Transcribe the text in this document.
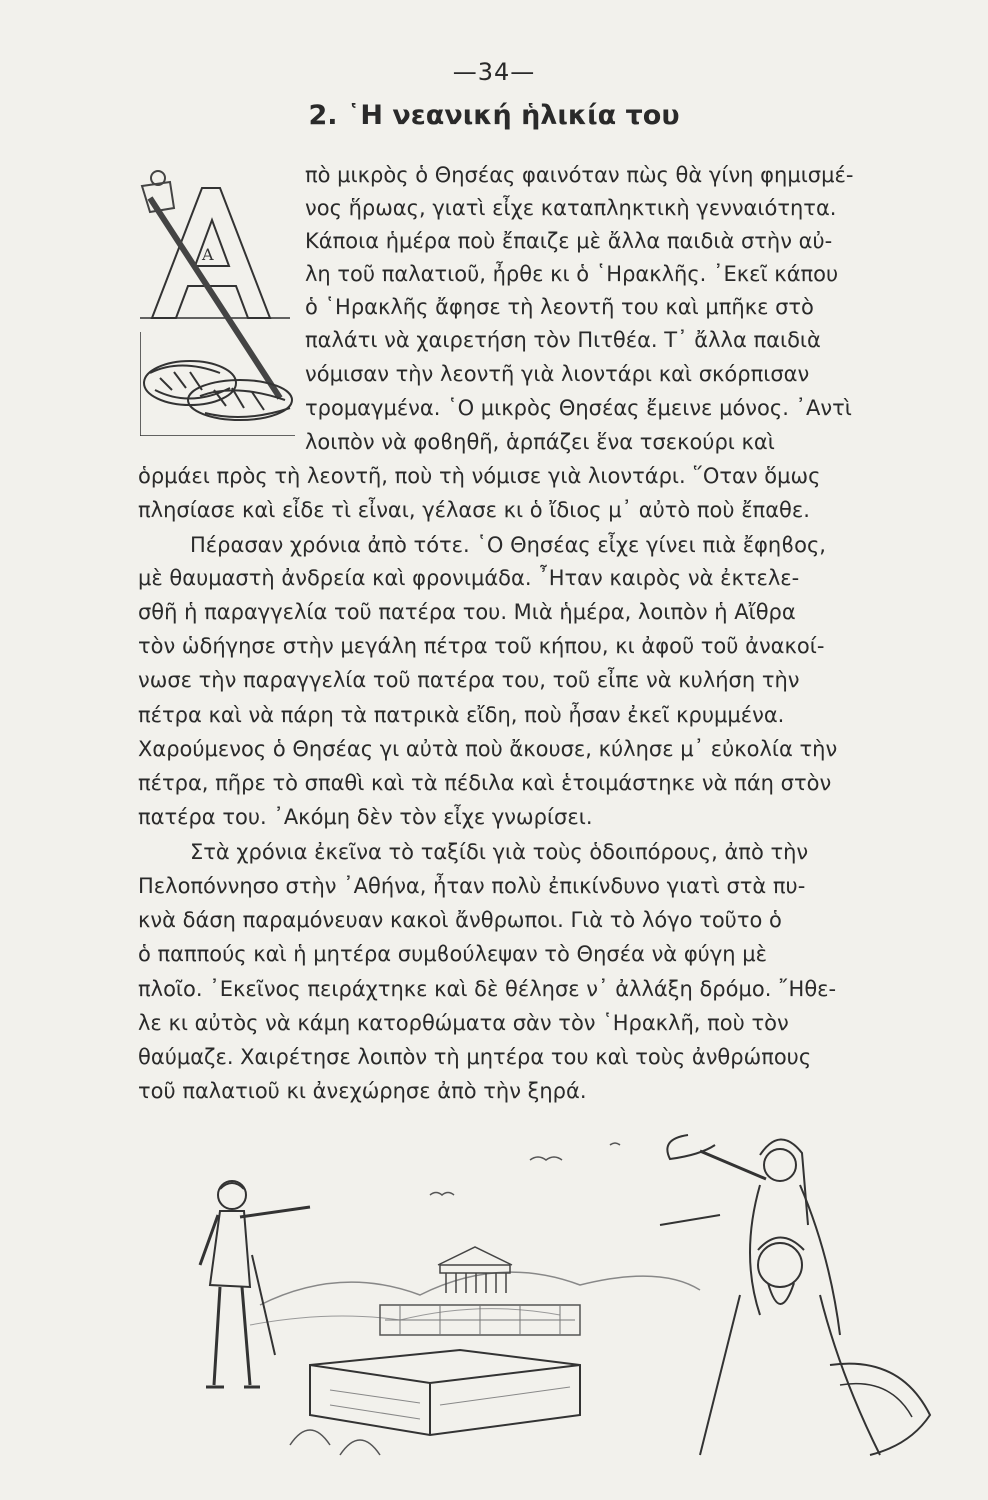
—34—
2. ῾Η νεανική ἡλικία του
Α
πὸ μικρὸς ὁ Θησέας φαινόταν πὼς θὰ γίνη φημισμέ-
νος ἥρωας, γιατὶ εἶχε καταπληκτικὴ γενναιότητα.
Κάποια ἡμέρα ποὺ ἔπαιζε μὲ ἄλλα παιδιὰ στὴν αὐ-
λη τοῦ παλατιοῦ, ἦρθε κι ὁ ῾Ηρακλῆς. ᾿Εκεῖ κάπου
ὁ ῾Ηρακλῆς ἄφησε τὴ λεοντῆ του καὶ μπῆκε στὸ
παλάτι νὰ χαιρετήση τὸν Πιτθέα. Τ᾿ ἄλλα παιδιὰ
νόμισαν τὴν λεοντῆ γιὰ λιοντάρι καὶ σκόρπισαν
τρομαγμένα. ῾Ο μικρὸς Θησέας ἔμεινε μόνος. ᾿Αντὶ
λοιπὸν νὰ φοϐηθῆ, ἁρπάζει ἕνα τσεκούρι καὶ
ὁρμάει πρὸς τὴ λεοντῆ, ποὺ τὴ νόμισε γιὰ λιοντάρι. ῞Οταν ὅμως
πλησίασε καὶ εἶδε τὶ εἶναι, γέλασε κι ὁ ἴδιος μ᾿ αὐτὸ ποὺ ἔπαθε.
Πέρασαν χρόνια ἀπὸ τότε. ῾Ο Θησέας εἶχε γίνει πιὰ ἔφηϐος,
μὲ θαυμαστὴ ἀνδρεία καὶ φρονιμάδα. ῏Ηταν καιρὸς νὰ ἐκτελε-
σθῆ ἡ παραγγελία τοῦ πατέρα του. Μιὰ ἡμέρα, λοιπὸν ἡ Αἴθρα
τὸν ὡδήγησε στὴν μεγάλη πέτρα τοῦ κήπου, κι ἀφοῦ τοῦ ἀνακοί-
νωσε τὴν παραγγελία τοῦ πατέρα του, τοῦ εἶπε νὰ κυλήση τὴν
πέτρα καὶ νὰ πάρη τὰ πατρικὰ εἴδη, ποὺ ἦσαν ἐκεῖ κρυμμένα.
Χαρούμενος ὁ Θησέας γι αὐτὰ ποὺ ἄκουσε, κύλησε μ᾿ εὐκολία τὴν
πέτρα, πῆρε τὸ σπαθὶ καὶ τὰ πέδιλα καὶ ἑτοιμάστηκε νὰ πάη στὸν
πατέρα του. ᾿Ακόμη δὲν τὸν εἶχε γνωρίσει.
Στὰ χρόνια ἐκεῖνα τὸ ταξίδι γιὰ τοὺς ὁδοιπόρους, ἀπὸ τὴν
Πελοπόννησο στὴν ᾿Αθήνα, ἦταν πολὺ ἐπικίνδυνο γιατὶ στὰ πυ-
κνὰ δάση παραμόνευαν κακοὶ ἄνθρωποι. Γιὰ τὸ λόγο τοῦτο ὁ
ὁ παππούς καὶ ἡ μητέρα συμϐούλεψαν τὸ Θησέα νὰ φύγη μὲ
πλοῖο. ᾿Εκεῖνος πειράχτηκε καὶ δὲ θέλησε ν᾿ ἀλλάξη δρόμο. ῎Ηθε-
λε κι αὐτὸς νὰ κάμη κατορθώματα σὰν τὸν ῾Ηρακλῆ, ποὺ τὸν
θαύμαζε. Χαιρέτησε λοιπὸν τὴ μητέρα του καὶ τοὺς ἀνθρώπους
τοῦ παλατιοῦ κι ἀνεχώρησε ἀπὸ τὴν ξηρά.
